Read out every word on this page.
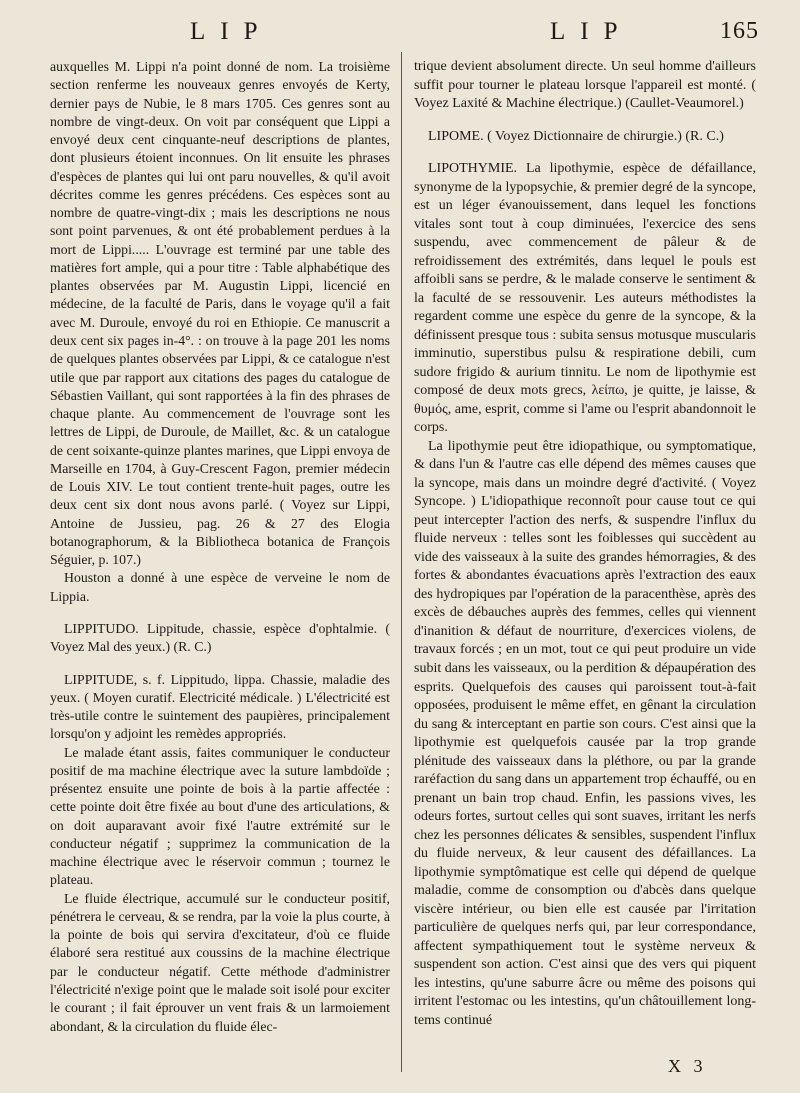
LIP	LIP	165

auxquelles M. Lippi n'a point donné de nom. La troisième section renferme les nouveaux genres envoyés de Kerty, dernier pays de Nubie, le 8 mars 1705. Ces genres sont au nombre de vingt-deux. On voit par conséquent que Lippi a envoyé deux cent cinquante-neuf descriptions de plantes, dont plusieurs étoient inconnues. On lit ensuite les phrases d'espèces de plantes qui lui ont paru nouvelles, & qu'il avoit décrites comme les genres précédens. Ces espèces sont au nombre de quatre-vingt-dix ; mais les descriptions ne nous sont point parvenues, & ont été probablement perdues à la mort de Lippi..... L'ouvrage est terminé par une table des matières fort ample, qui a pour titre : Table alphabétique des plantes observées par M. Augustin Lippi, licencié en médecine, de la faculté de Paris, dans le voyage qu'il a fait avec M. Duroule, envoyé du roi en Ethiopie. Ce manuscrit a deux cent six pages in-4°. : on trouve à la page 201 les noms de quelques plantes observées par Lippi, & ce catalogue n'est utile que par rapport aux citations des pages du catalogue de Sébastien Vaillant, qui sont rapportées à la fin des phrases de chaque plante. Au commencement de l'ouvrage sont les lettres de Lippi, de Duroule, de Maillet, &c. & un catalogue de cent soixante-quinze plantes marines, que Lippi envoya de Marseille en 1704, à Guy-Crescent Fagon, premier médecin de Louis XIV. Le tout contient trente-huit pages, outre les deux cent six dont nous avons parlé. ( Voyez sur Lippi, Antoine de Jussieu, pag. 26 & 27 des Elogia botanographorum, & la Bibliotheca botanica de François Séguier, p. 107.)

Houston a donné à une espèce de verveine le nom de Lippia.

LIPPITUDO. Lippitude, chassie, espèce d'ophtalmie. ( Voyez Mal des yeux.) (R. C.)

LIPPITUDE, s. f. Lippitudo, lippa. Chassie, maladie des yeux. ( Moyen curatif. Electricité médicale. ) L'électricité est très-utile contre le suintement des paupières, principalement lorsqu'on y adjoint les remèdes appropriés.

Le malade étant assis, faites communiquer le conducteur positif de ma machine électrique avec la suture lambdoïde ; présentez ensuite une pointe de bois à la partie affectée : cette pointe doit être fixée au bout d'une des articulations, & on doit auparavant avoir fixé l'autre extrémité sur le conducteur négatif ; supprimez la communication de la machine électrique avec le réservoir commun ; tournez le plateau.

Le fluide électrique, accumulé sur le conducteur positif, pénétrera le cerveau, & se rendra, par la voie la plus courte, à la pointe de bois qui servira d'excitateur, d'où ce fluide élaboré sera restitué aux coussins de la machine électrique par le conducteur négatif. Cette méthode d'administrer l'électricité n'exige point que le malade soit isolé pour exciter le courant ; il fait éprouver un vent frais & un larmoiement abondant, & la circulation du fluide élec-

trique devient absolument directe. Un seul homme d'ailleurs suffit pour tourner le plateau lorsque l'appareil est monté. ( Voyez Laxité & Machine électrique.) (Caullet-Veaumorel.)

LIPOME. ( Voyez Dictionnaire de chirurgie.) (R. C.)

LIPOTHYMIE. La lipothymie, espèce de défaillance, synonyme de la lypopsychie, & premier degré de la syncope, est un léger évanouissement, dans lequel les fonctions vitales sont tout à coup diminuées, l'exercice des sens suspendu, avec commencement de pâleur & de refroidissement des extrémités, dans lequel le pouls est affoibli sans se perdre, & le malade conserve le sentiment & la faculté de se ressouvenir. Les auteurs méthodistes la regardent comme une espèce du genre de la syncope, & la définissent presque tous : subita sensus motusque muscularis imminutio, superstibus pulsu & respiratione debili, cum sudore frigido & aurium tinnitu. Le nom de lipothymie est composé de deux mots grecs, λείπω, je quitte, je laisse, & θυμός, ame, esprit, comme si l'ame ou l'esprit abandonnoit le corps.

La lipothymie peut être idiopathique, ou symptomatique, & dans l'un & l'autre cas elle dépend des mêmes causes que la syncope, mais dans un moindre degré d'activité. ( Voyez Syncope. ) L'idiopathique reconnoît pour cause tout ce qui peut intercepter l'action des nerfs, & suspendre l'influx du fluide nerveux : telles sont les foiblesses qui succèdent au vide des vaisseaux à la suite des grandes hémorragies, & des fortes & abondantes évacuations après l'extraction des eaux des hydropiques par l'opération de la paracenthèse, après des excès de débauches auprès des femmes, celles qui viennent d'inanition & défaut de nourriture, d'exercices violens, de travaux forcés ; en un mot, tout ce qui peut produire un vide subit dans les vaisseaux, ou la perdition & dépaupération des esprits. Quelquefois des causes qui paroissent tout-à-fait opposées, produisent le même effet, en gênant la circulation du sang & interceptant en partie son cours. C'est ainsi que la lipothymie est quelquefois causée par la trop grande plénitude des vaisseaux dans la pléthore, ou par la grande raréfaction du sang dans un appartement trop échauffé, ou en prenant un bain trop chaud. Enfin, les passions vives, les odeurs fortes, surtout celles qui sont suaves, irritant les nerfs chez les personnes délicates & sensibles, suspendent l'influx du fluide nerveux, & leur causent des défaillances. La lipothymie symptômatique est celle qui dépend de quelque maladie, comme de consomption ou d'abcès dans quelque viscère intérieur, ou bien elle est causée par l'irritation particulière de quelques nerfs qui, par leur correspondance, affectent sympathiquement tout le système nerveux & suspendent son action. C'est ainsi que des vers qui piquent les intestins, qu'une saburre âcre ou même des poisons qui irritent l'estomac ou les intestins, qu'un châtouillement long-tems continué

X 3
